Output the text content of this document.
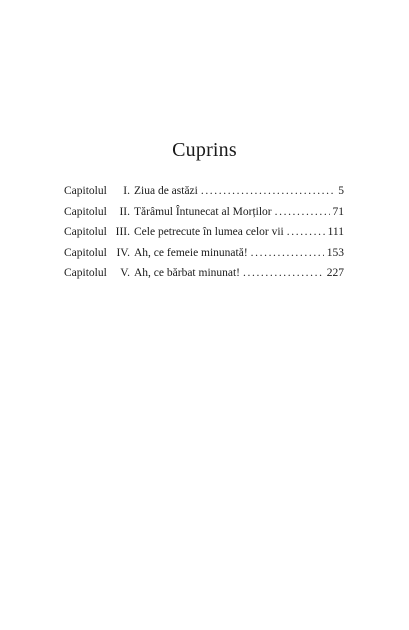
Cuprins
Capitolul I. Ziua de astăzi .....	5
Capitolul II. Tărâmul Întunecat al Morților .....	71
Capitolul III. Cele petrecute în lumea celor vii .....	111
Capitolul IV. Ah, ce femeie minunată! .....	153
Capitolul V. Ah, ce bărbat minunat! .....	227
